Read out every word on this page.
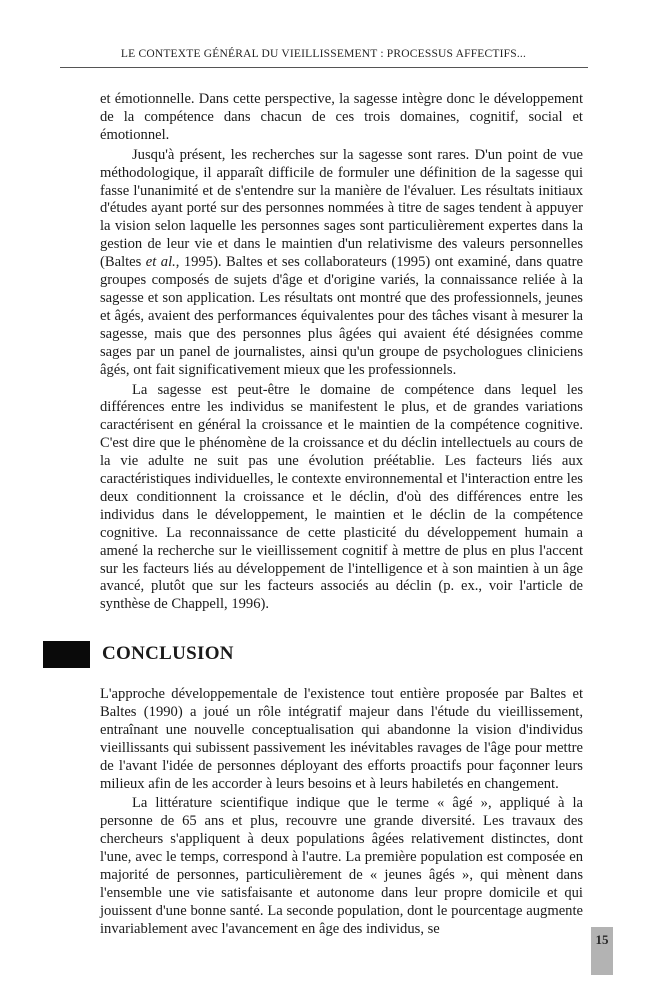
LE CONTEXTE GÉNÉRAL DU VIEILLISSEMENT : PROCESSUS AFFECTIFS...

et émotionnelle. Dans cette perspective, la sagesse intègre donc le développement de la compétence dans chacun de ces trois domaines, cognitif, social et émotionnel.

Jusqu'à présent, les recherches sur la sagesse sont rares. D'un point de vue méthodologique, il apparaît difficile de formuler une définition de la sagesse qui fasse l'unanimité et de s'entendre sur la manière de l'évaluer. Les résultats initiaux d'études ayant porté sur des personnes nommées à titre de sages tendent à appuyer la vision selon laquelle les personnes sages sont particulièrement expertes dans la gestion de leur vie et dans le maintien d'un relativisme des valeurs personnelles (Baltes et al., 1995). Baltes et ses collaborateurs (1995) ont examiné, dans quatre groupes composés de sujets d'âge et d'origine variés, la connaissance reliée à la sagesse et son application. Les résultats ont montré que des professionnels, jeunes et âgés, avaient des performances équivalentes pour des tâches visant à mesurer la sagesse, mais que des personnes plus âgées qui avaient été désignées comme sages par un panel de journalistes, ainsi qu'un groupe de psychologues cliniciens âgés, ont fait significativement mieux que les professionnels.

La sagesse est peut-être le domaine de compétence dans lequel les différences entre les individus se manifestent le plus, et de grandes variations caractérisent en général la croissance et le maintien de la compétence cognitive. C'est dire que le phénomène de la croissance et du déclin intellectuels au cours de la vie adulte ne suit pas une évolution préétablie. Les facteurs liés aux caractéristiques individuelles, le contexte environnemental et l'interaction entre les deux conditionnent la croissance et le déclin, d'où des différences entre les individus dans le développement, le maintien et le déclin de la compétence cognitive. La reconnaissance de cette plasticité du développement humain a amené la recherche sur le vieillissement cognitif à mettre de plus en plus l'accent sur les facteurs liés au développement de l'intelligence et à son maintien à un âge avancé, plutôt que sur les facteurs associés au déclin (p. ex., voir l'article de synthèse de Chappell, 1996).

CONCLUSION

L'approche développementale de l'existence tout entière proposée par Baltes et Baltes (1990) a joué un rôle intégratif majeur dans l'étude du vieillissement, entraînant une nouvelle conceptualisation qui abandonne la vision d'individus vieillissants qui subissent passivement les inévitables ravages de l'âge pour mettre de l'avant l'idée de personnes déployant des efforts proactifs pour façonner leurs milieux afin de les accorder à leurs besoins et à leurs habiletés en changement.

La littérature scientifique indique que le terme « âgé », appliqué à la personne de 65 ans et plus, recouvre une grande diversité. Les travaux des chercheurs s'appliquent à deux populations âgées relativement distinctes, dont l'une, avec le temps, correspond à l'autre. La première population est composée en majorité de personnes, particulièrement de « jeunes âgés », qui mènent dans l'ensemble une vie satisfaisante et autonome dans leur propre domicile et qui jouissent d'une bonne santé. La seconde population, dont le pourcentage augmente invariablement avec l'avancement en âge des individus, se

15
